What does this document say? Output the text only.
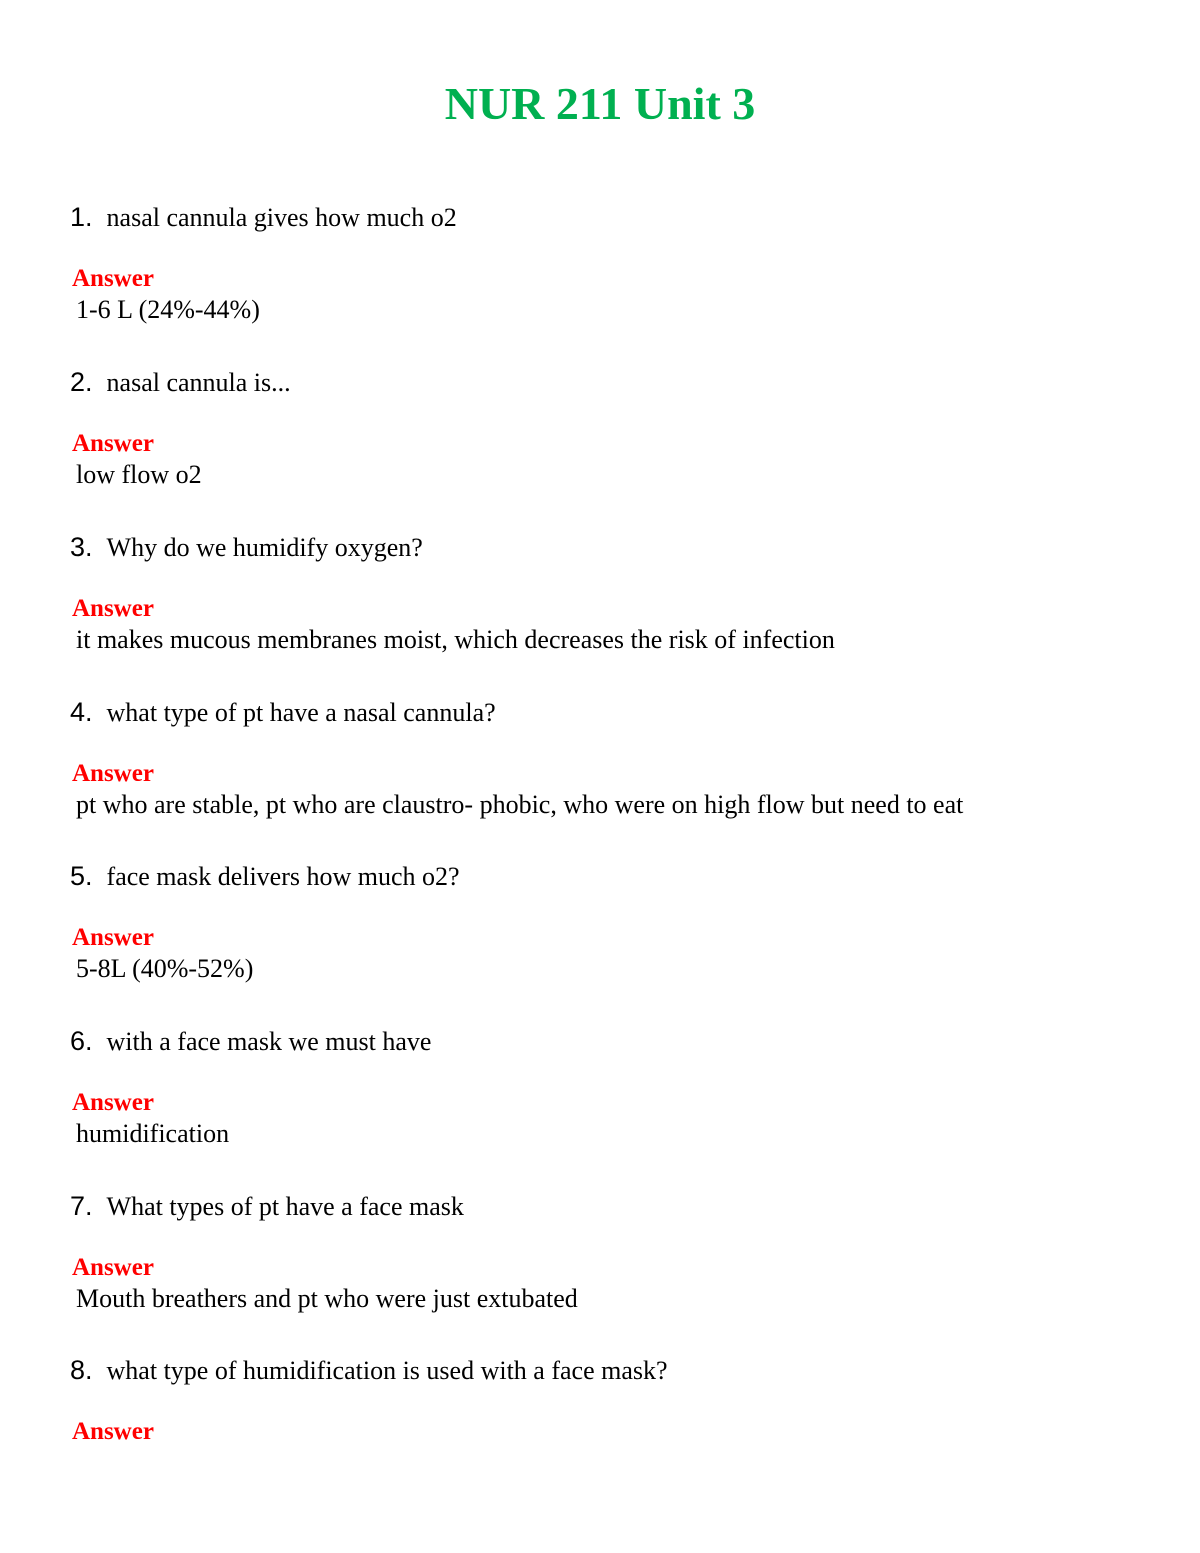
NUR 211 Unit 3
1. nasal cannula gives how much o2
Answer
1-6 L (24%-44%)
2. nasal cannula is...
Answer
low flow o2
3. Why do we humidify oxygen?
Answer
it makes mucous membranes moist, which decreases the risk of infection
4. what type of pt have a nasal cannula?
Answer
pt who are stable, pt who are claustro- phobic, who were on high flow but need to eat
5. face mask delivers how much o2?
Answer
5-8L (40%-52%)
6. with a face mask we must have
Answer
humidification
7. What types of pt have a face mask
Answer
Mouth breathers and pt who were just extubated
8. what type of humidification is used with a face mask?
Answer
